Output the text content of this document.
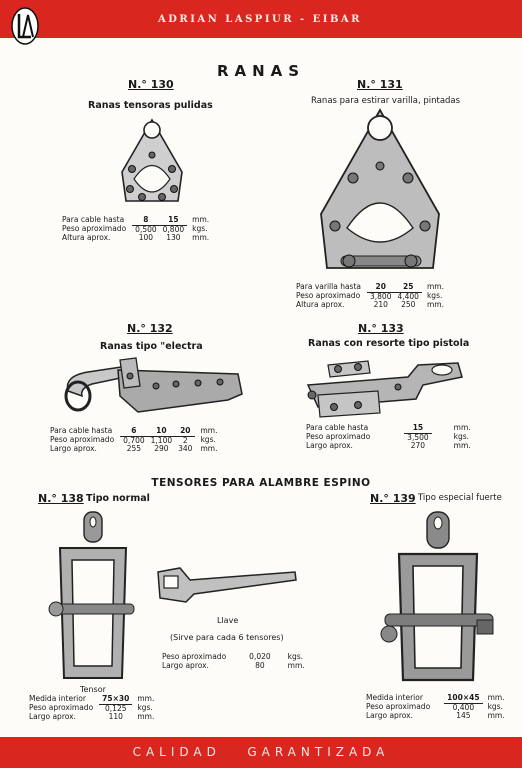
ADRIAN LASPIUR - EIBAR
RANAS
N.° 130
Ranas tensoras pulidas
Para cable hasta	8	15	mm.
Peso aproximado	0,500	0,800	kgs.
Altura aprox.	100	130	mm.
N.° 131
Ranas para estirar varilla, pintadas
Para varilla hasta	20	25	mm.
Peso aproximado	3,800	4,400	kgs.
Altura aprox.	210	250	mm.
N.° 132
Ranas tipo "electra
Para cable hasta	6	10	20	mm.
Peso aproximado	0,700	1,100	2	kgs.
Largo aprox.	255	290	340	mm.
N.° 133
Ranas con resorte tipo pistola
Para cable hasta	15	mm.
Peso aproximado	3,500	kgs.
Largo aprox.	270	mm.
TENSORES PARA ALAMBRE ESPINO
N.° 138 Tipo normal
Tensor
Medida interior	75×30	mm.
Peso aproximado	0,125	kgs.
Largo aprox.	110	mm.
Llave
(Sirve para cada 6 tensores)
Peso aproximado	0,020	kgs.
Largo aprox.	80	mm.
N.° 139 Tipo especial fuerte
Medida interior	100×45	mm.
Peso aproximado	0,400	kgs.
Largo aprox.	145	mm.
CALIDAD   GARANTIZADA
